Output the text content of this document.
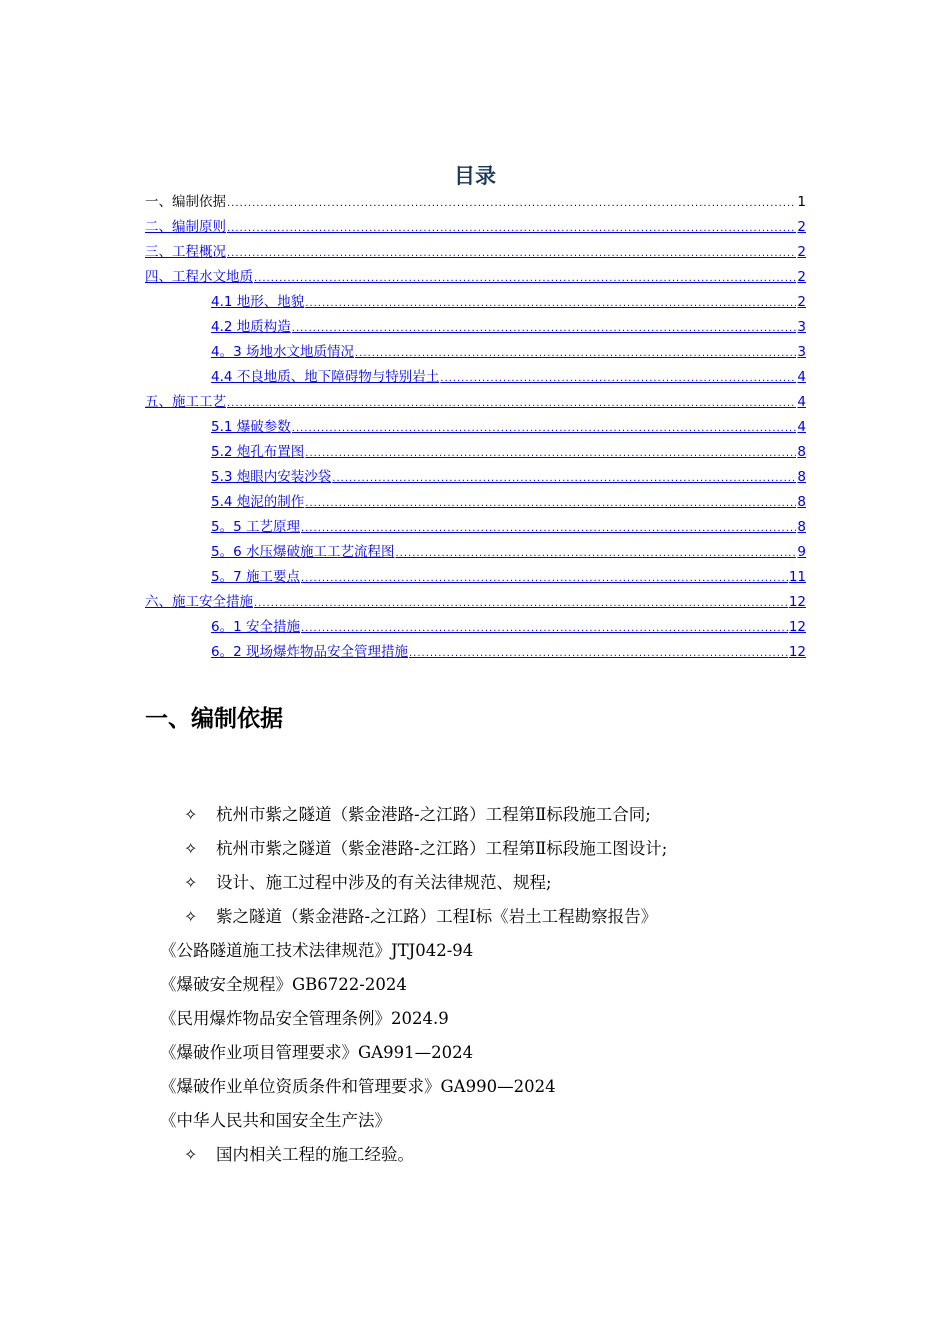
目录
一、编制依据 .....	1
二、编制原则 .....	2
三、工程概况 .....	2
四、工程水文地质 .....	2
4.1 地形、地貌 .....	2
4.2 地质构造 .....	3
4。3 场地水文地质情况 .....	3
4.4 不良地质、地下障碍物与特别岩土 .....	4
五、施工工艺 .....	4
5.1 爆破参数 .....	4
5.2 炮孔布置图 .....	8
5.3 炮眼内安装沙袋 .....	8
5.4 炮泥的制作 .....	8
5。5 工艺原理 .....	8
5。6 水压爆破施工工艺流程图 .....	9
5。7 施工要点 .....	11
六、施工安全措施 .....	12
6。1 安全措施 .....	12
6。2 现场爆炸物品安全管理措施 .....	12
一、编制依据
✧ 杭州市紫之隧道（紫金港路-之江路）工程第Ⅱ标段施工合同;
✧ 杭州市紫之隧道（紫金港路-之江路）工程第Ⅱ标段施工图设计;
✧ 设计、施工过程中涉及的有关法律规范、规程;
✧ 紫之隧道（紫金港路-之江路）工程Ⅰ标《岩土工程勘察报告》
《公路隧道施工技术法律规范》JTJ042-94
《爆破安全规程》GB6722-2024
《民用爆炸物品安全管理条例》2024.9
《爆破作业项目管理要求》GA991—2024
《爆破作业单位资质条件和管理要求》GA990—2024
《中华人民共和国安全生产法》
✧ 国内相关工程的施工经验。
